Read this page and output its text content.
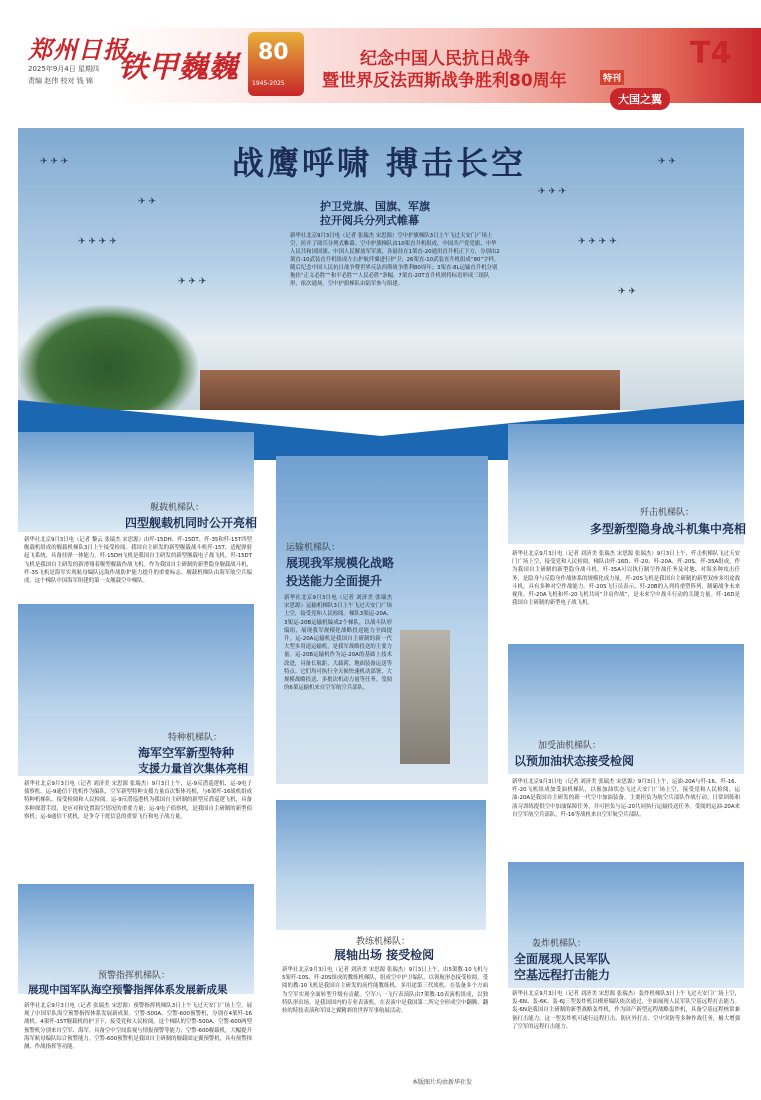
郑州日报
2025年9月4日 星期四
责编 赵伟 校对 钱 锦 铁甲巍巍 80
1945-2025
纪念中国人民抗日战争
暨世界反法西斯战争胜利80周年	特刊
T4
大国之翼
✈ ✈ ✈
✈ ✈
✈ ✈ ✈ ✈
✈ ✈ ✈
✈ ✈ ✈
✈ ✈ ✈ ✈
✈ ✈
✈ ✈
战鹰呼啸 搏击长空
护卫党旗、国旗、军旗
拉开阅兵分列式帷幕
新华社北京9月3日电（记者 张瑞杰 宋思源）空中护旗梯队3日上午飞过天安门广场上空，拉开了阅兵分列式帷幕。空中护旗梯队由10架直升机组成，中国共产党党旗、中华人民共和国国旗、中国人民解放军军旗，各悬挂在1架直-20通用直升机正下方，分别由2架直-10武装直升机组成左右护航伴翼进行护卫；26架直-10武装直升机组成“80”字样，随后纪念中国人民抗日战争暨世界反法西斯战争胜利80周年；3架直-8L运输直升机分别拖挂“正义必胜”“和平必胜”“人民必胜”条幅，7架直-20T直升机则将标语形成三组队形，依次通场。空中护旗梯队由陆军参与组建。
舰载机梯队：
四型舰载机同时公开亮相
新华社北京9月3日电（记者 黎云 张瑞杰 宋思源）由歼-15DH、歼-15DT、歼-35和歼-15T四型舰载机组成的舰载机梯队3日上午接受检阅。我国自主研发的新型舰载战斗机歼-15T，适配弹射起飞系统，具备挂弹一体能力。歼-15DH飞机是我国自主研发的新型舰载电子战飞机。歼-15DT飞机是我国自主研发的新滑翔着舰型舰载作战飞机。作为我国自主研制的新型隐身舰载战斗机，歼-35飞机是海军实现航母编队远海作战防护能力提升的重要标志。舰载机梯队由海军航空兵编成，这个梯队中国海军组建的第一支舰载空中梯队。
特种机梯队：
海军空军新型特种
支援力量首次集体亮相
新华社北京9月3日电（记者 刘济美 宋思源 张瑞杰）9月3日上午，运-9反潜巡逻机、运-9电子侦察机、运-9通信干扰机作为编队，空军新型特种支援力量首次集体亮相，与6架歼-16战机组成特种机梯队，接受检阅和人民检阅。运-9反潜巡逻机为我国自主研制的新型反潜巡逻飞机，具备多种探潜手段，是应对和处置海空情况的重要力量；运-9电子侦察机，是我国自主研制的新型侦察机；运-9通信干扰机，是争夺干扰信息的重要飞行和电子战力量。
预警指挥机梯队：
展现中国军队海空预警指挥体系发展新成果
新华社北京9月3日电（记者 张瑞杰 宋思源）预警指挥机梯队3日上午飞过天安门广场上空，展现了中国军队海空预警指挥体系发展新成果。空警-500A、空警-600预警机，分别在4架歼-16战机、4架歼-15T舰载机的护卫下，接受党和人民检阅。这个梯队的空警-500A、空警-600两型预警机分别来自空军、海军。具备空中空间监视与情报预警等能力；空警-600舰载机，大幅提升海军航母编队综合预警能力。空警-600预警机是我国自主研制的舰载固定翼预警机，具有预警探测、作战指挥等功能。
运输机梯队：
展现我军规模化战略
投送能力全面提升
新华社北京9月3日电（记者 刘济美 张瑞杰 宋思源）运输机梯队3日上午飞过天安门广场上空，接受党和人民检阅。梯队3架运-20A、3架运-20B运输机编成2个梯队，以战斗队形编组，展现我军规模化战略投送能力全面提升。运-20A运输机是我国自主研制的新一代大型多用途运输机，是我军战略投送的主要力量。运-20B运输机作为运-20A的基础上技术改进，具备长航距、大载荷、地面装备运送等特点。它们均可执行全天候快速机动部署、大规模战略投送、多批次机动力量等任务。受阅的6架运输机来自空军航空兵部队。
教练机梯队：
展轴出场 接受检阅
新华社北京9月3日电（记者 刘济美 宋思源 张瑞杰）9月3日上午，由5架教-10飞机与5架歼-10S、歼-20S组成的教练机梯队，组成空中护卫编队，以领航形态接受检阅，受阅的教-10飞机是我国自主研发的高性能教练机，多用途第三代战机，在装备多个方面为空军实现全面转型升级有贡献。空军八一飞行表演队由7架教-10表演机组成，以独特队形出场，是我国国内的专业表演机，在表演中是我国第二所完全形成空中翻腾、翻转的特技表演和军国之翼精彩的世界军事航展活动。
歼击机梯队：
多型新型隐身战斗机集中亮相
新华社北京9月3日电（记者 刘济美 张瑞杰 宋思源 张瑞杰）9月3日上午，歼击机梯队飞过天安门广场上空，接受党和人民检阅。梯队由歼-16D、歼-20、歼-20A、歼-20S、歼-35A组成。作为我国自主研制的新型隐身战斗机，歼-35A可以执行制空作战任务及对地、对海多种攻击任务，是隐身与反隐身作战体系的规模化成力量。歼-20S飞机是我国自主研制的新型双座多用途战斗机，具有多种对空作战能力。歼-20S飞行员表示，歼-20B的入列将重塑阵列，制霸战争未来视角。歼-20A飞机和歼-20飞机共同“并肩作战”，是未来空中战斗行动的关键力量。歼-16D是我国自主研制的新型电子战飞机。
加受油机梯队：
以预加油状态接受检阅
新华社北京9月3日电（记者 刘济美 张瑞杰 宋思源）9月3日上午，运油-20A与歼-16、歼-16、歼-20飞机组成加受油机梯队，以预加油状态飞过天安门广场上空，接受党和人民检阅。运油-20A是我国自主研发的新一代空中加油装备，主要担负为航空兵部队作战行动、日常训练和演习训练提供空中加油保障任务，并可担负与运-20共同执行运输投送任务。受阅的运油-20A来自空军航空兵部队，歼-16等战机来自空军航空兵部队。
轰炸机梯队：
全面展现人民军队
空基远程打击能力
新华社北京9月3日电（记者 刘济美 宋思源 张瑞杰）轰炸机梯队3日上午飞过天安门广场上空，轰-6N、轰-6K、轰-6J三型轰炸机以楔形编队依次通过，全面展现人民军队空基远程打击能力。轰-6N是我国自主研制的新型战略轰炸机，作为国产新型远程战略轰炸机，具备空基远程核常兼备打击能力，这一型轰炸机可遂行远程打击、防区外打击、空中突防等多种作战任务，极大增强了空军的远程打击能力。
本版图片均由新华社发
